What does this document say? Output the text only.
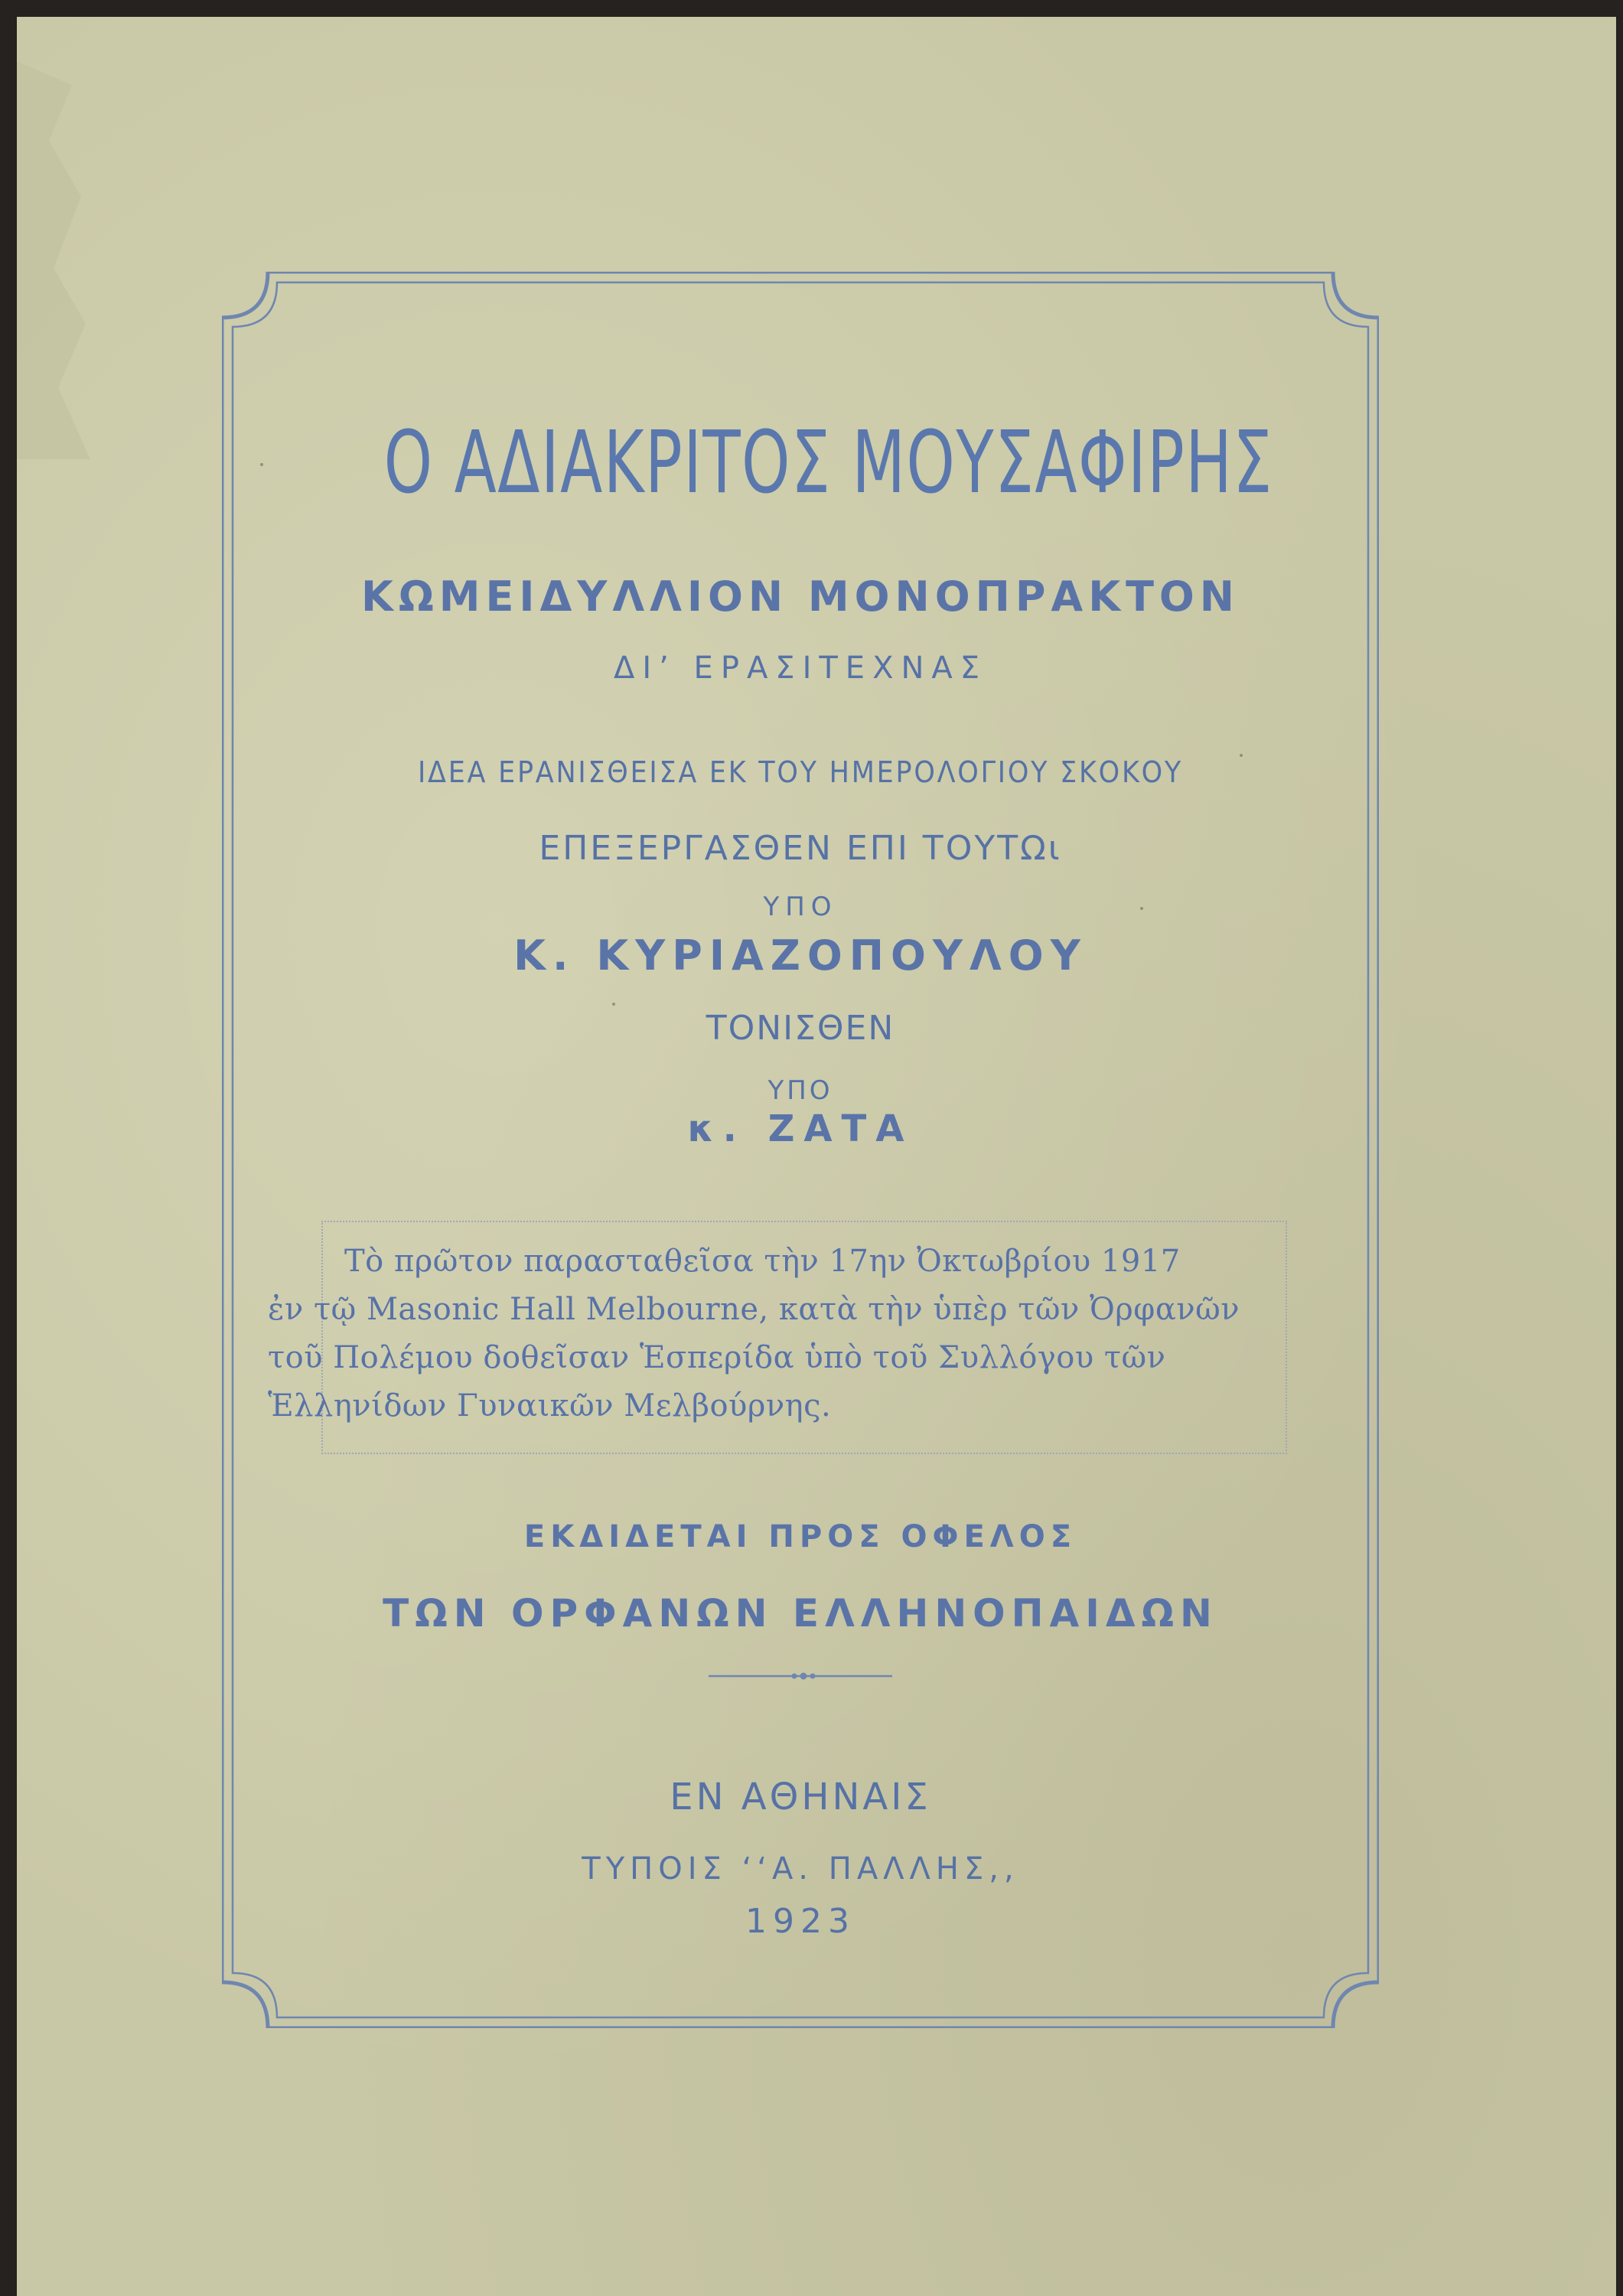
Ο ΑΔΙΑΚΡΙΤΟΣ ΜΟΥΣΑΦΙΡΗΣ
ΚΩΜΕΙΔΥΛΛΙΟΝ ΜΟΝΟΠΡΑΚΤΟΝ
ΔΙ’ ΕΡΑΣΙΤΕΧΝΑΣ
ΙΔΕΑ ΕΡΑΝΙΣΘΕΙΣΑ ΕΚ ΤΟΥ ΗΜΕΡΟΛΟΓΙΟΥ ΣΚΟΚΟΥ
ΕΠΕΞΕΡΓΑΣΘΕΝ ΕΠΙ ΤΟΥΤΩι
ΥΠΟ
Κ. ΚΥΡΙΑΖΟΠΟΥΛΟΥ
ΤΟΝΙΣΘΕΝ
ΥΠΟ
κ. ΖΑΤΑ
Τὸ πρῶτον παρασταθεῖσα τὴν 17ην Ὀκτωβρίου 1917
ἐν τῷ Masonic Hall Melbourne, κατὰ τὴν ὑπὲρ τῶν Ὀρφανῶν
τοῦ Πολέμου δοθεῖσαν Ἑσπερίδα ὑπὸ τοῦ Συλλόγου τῶν
Ἑλληνίδων Γυναικῶν Μελβούρνης.
ΕΚΔΙΔΕΤΑΙ ΠΡΟΣ ΟΦΕΛΟΣ
ΤΩΝ ΟΡΦΑΝΩΝ ΕΛΛΗΝΟΠΑΙΔΩΝ
ΕΝ ΑΘΗΝΑΙΣ
ΤΥΠΟΙΣ ‘‘Α. ΠΑΛΛΗΣ,,
1923
